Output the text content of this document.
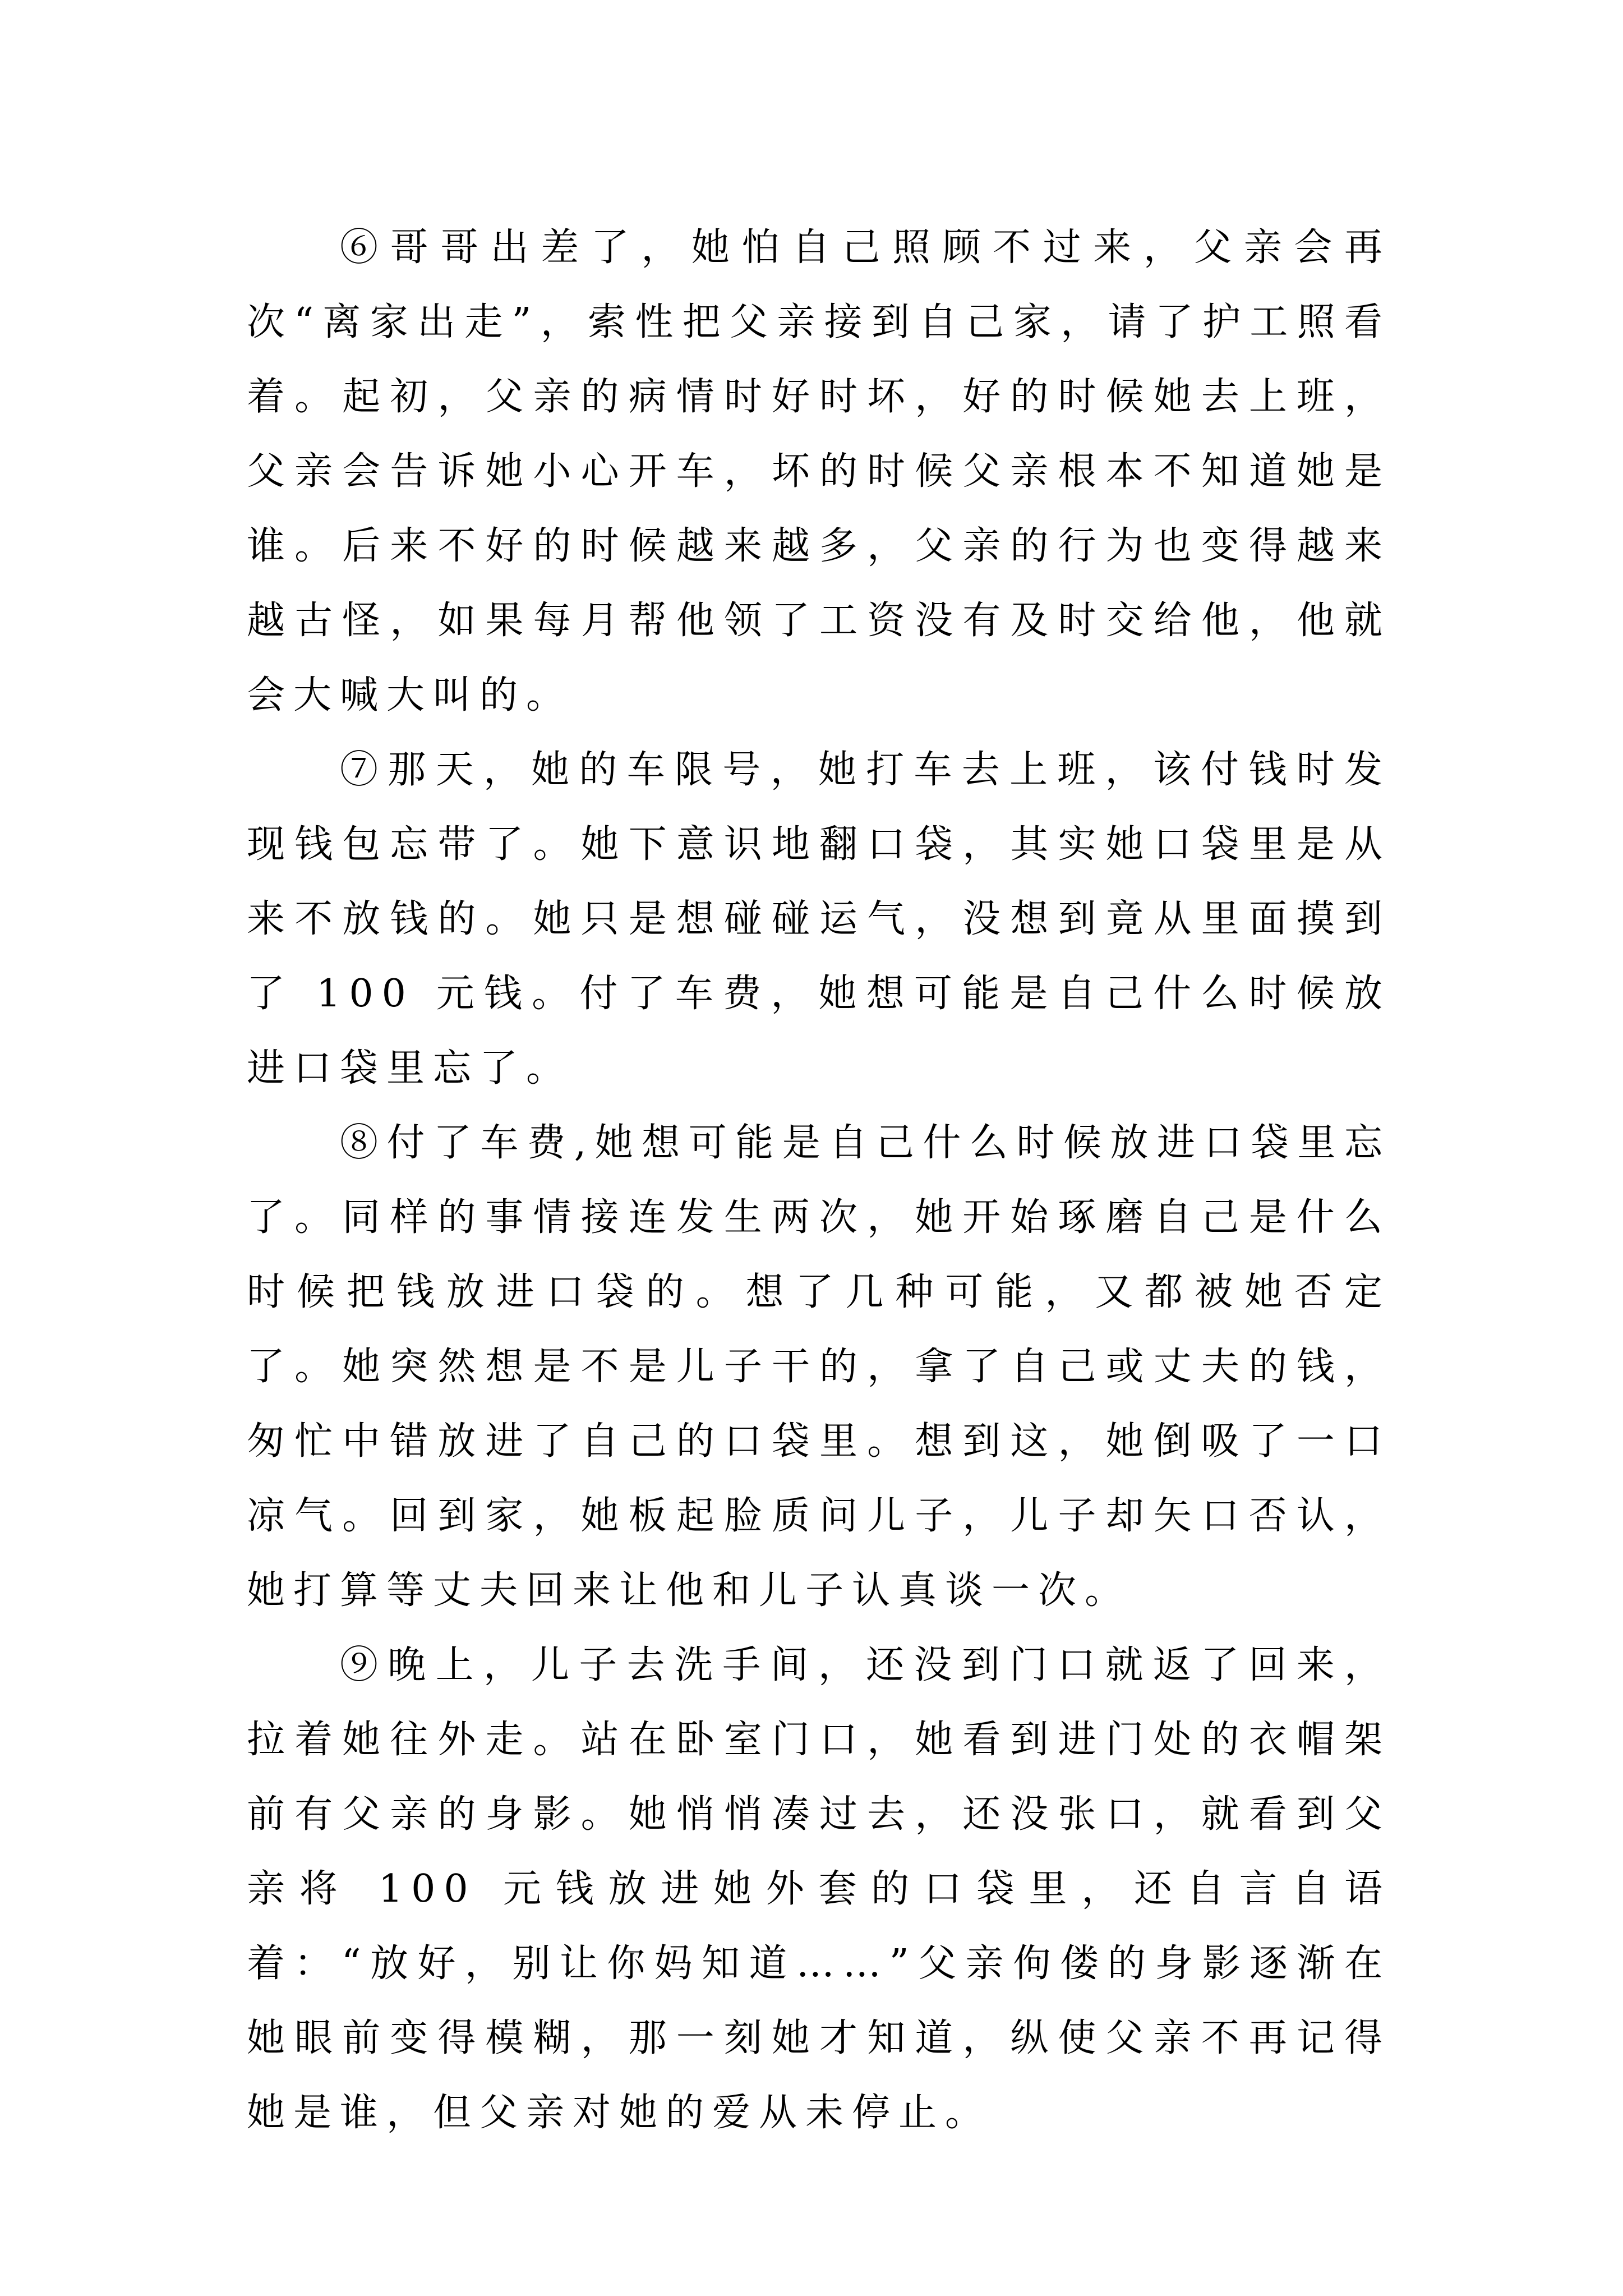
⑥哥哥出差了，她怕自己照顾不过来，父亲会再次“离家出走”，索性把父亲接到自己家，请了护工照看着。起初，父亲的病情时好时坏，好的时候她去上班，父亲会告诉她小心开车，坏的时候父亲根本不知道她是谁。后来不好的时候越来越多，父亲的行为也变得越来越古怪，如果每月帮他领了工资没有及时交给他，他就会大喊大叫的。

⑦那天，她的车限号，她打车去上班，该付钱时发现钱包忘带了。她下意识地翻口袋，其实她口袋里是从来不放钱的。她只是想碰碰运气，没想到竟从里面摸到了 100 元钱。付了车费，她想可能是自己什么时候放进口袋里忘了。

⑧付了车费,她想可能是自己什么时候放进口袋里忘了。同样的事情接连发生两次，她开始琢磨自己是什么时候把钱放进口袋的。想了几种可能，又都被她否定了。她突然想是不是儿子干的，拿了自己或丈夫的钱，匆忙中错放进了自己的口袋里。想到这，她倒吸了一口凉气。回到家，她板起脸质问儿子，儿子却矢口否认，她打算等丈夫回来让他和儿子认真谈一次。

⑨晚上，儿子去洗手间，还没到门口就返了回来，拉着她往外走。站在卧室门口，她看到进门处的衣帽架前有父亲的身影。她悄悄凑过去，还没张口，就看到父亲将 100 元钱放进她外套的口袋里，还自言自语着：“放好，别让你妈知道……”父亲佝偻的身影逐渐在她眼前变得模糊，那一刻她才知道，纵使父亲不再记得她是谁，但父亲对她的爱从未停止。
